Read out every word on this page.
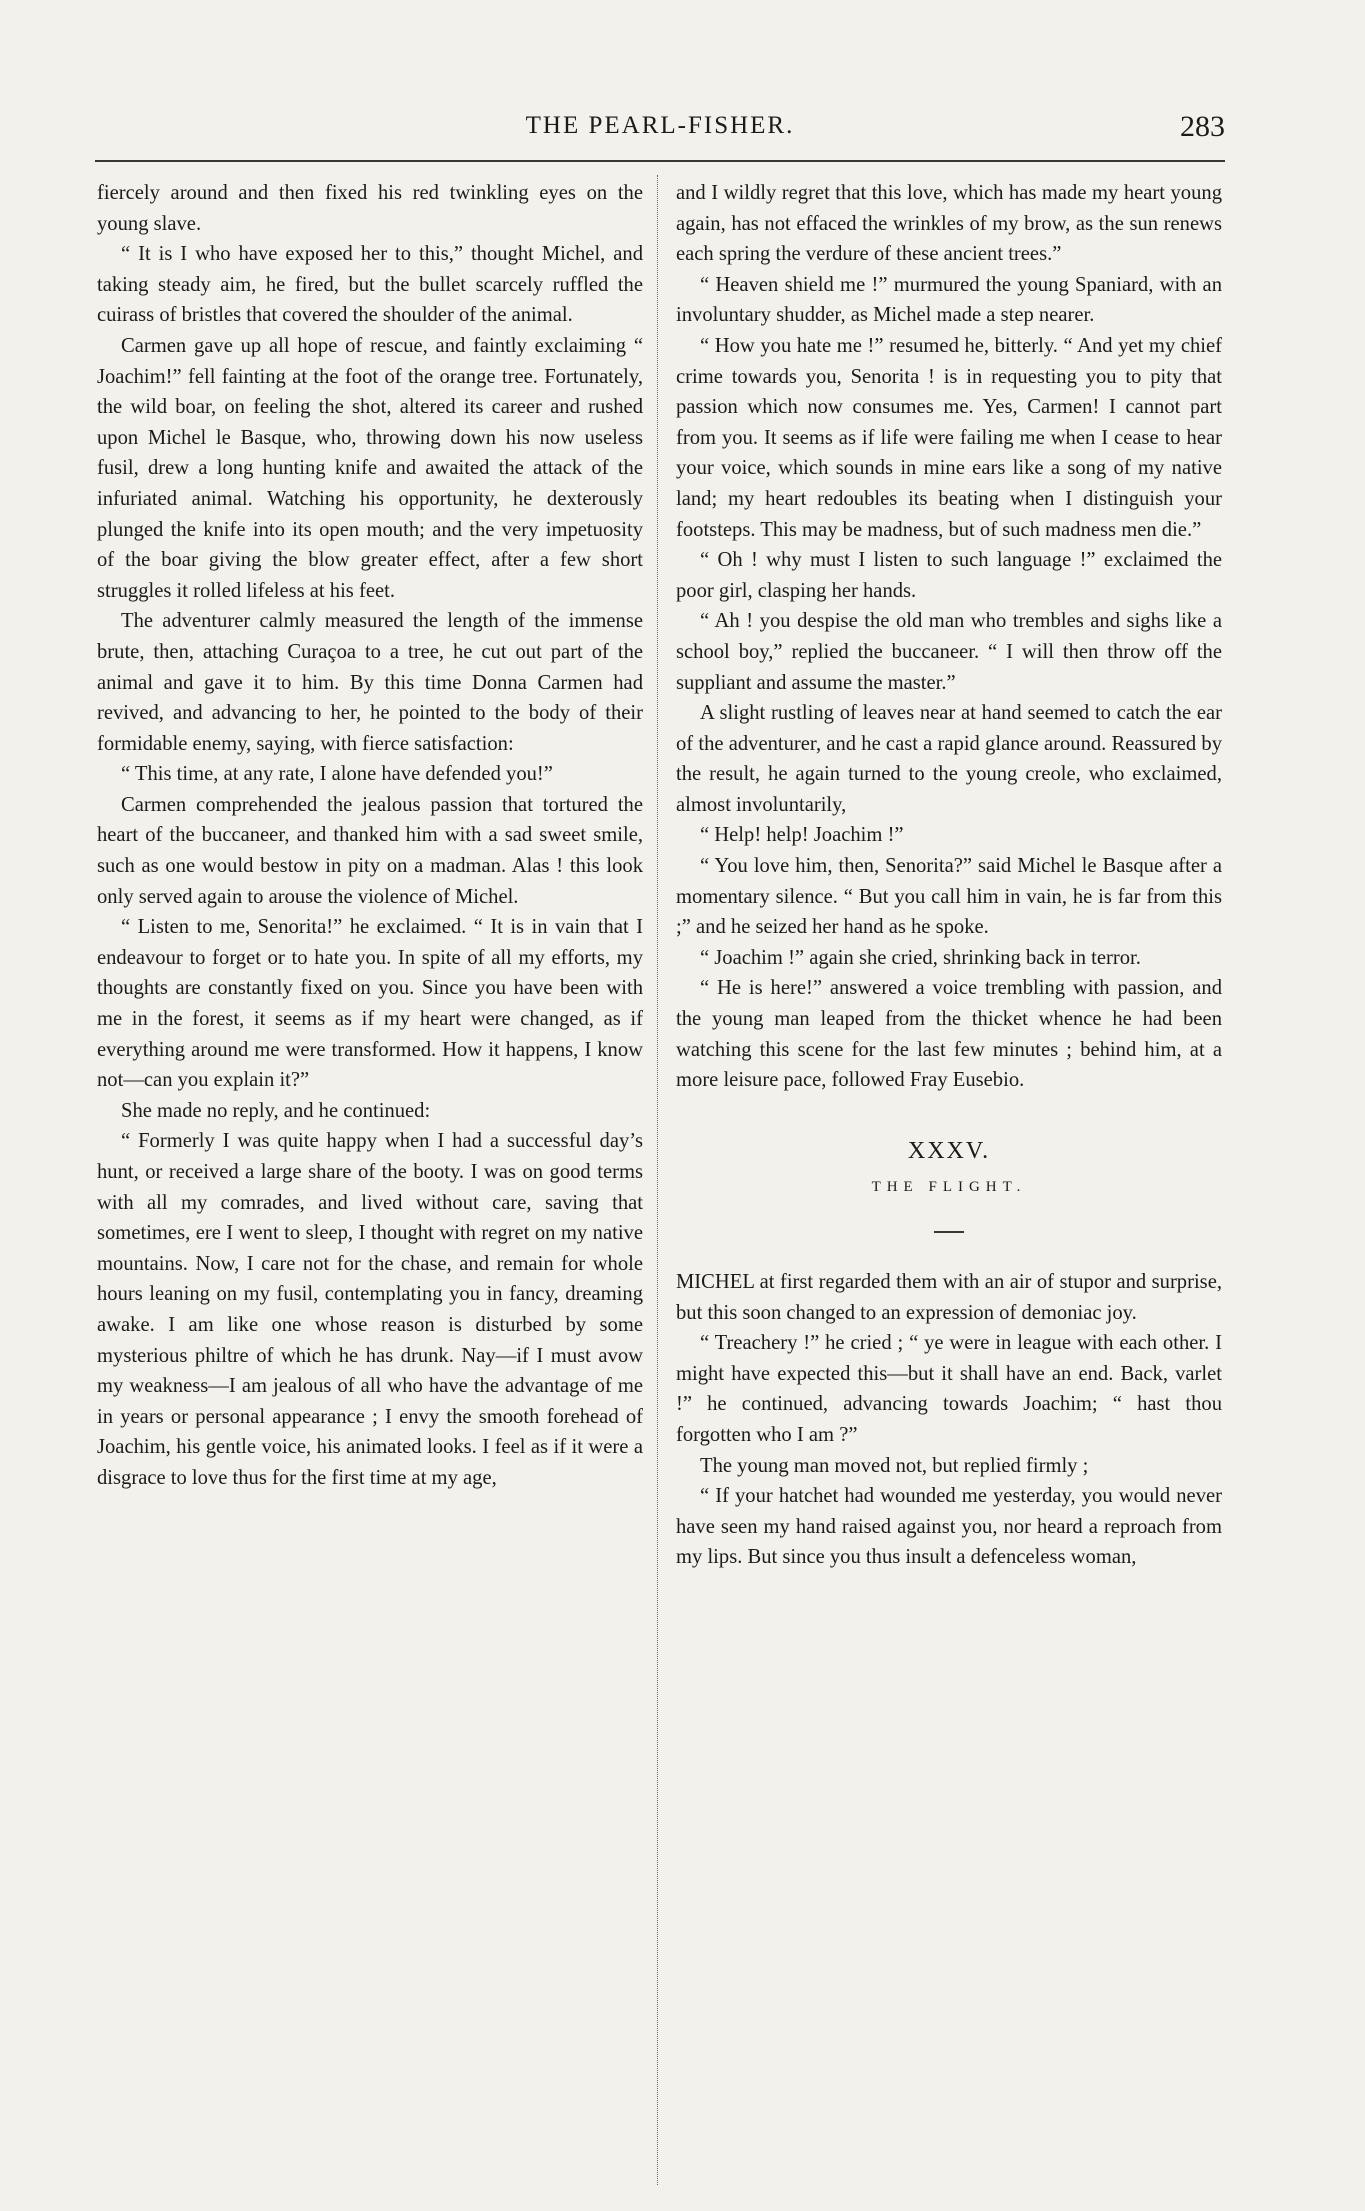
THE PEARL-FISHER.	283

fiercely around and then fixed his red twinkling eyes on the young slave.

“ It is I who have exposed her to this,” thought Michel, and taking steady aim, he fired, but the bullet scarcely ruffled the cuirass of bristles that covered the shoulder of the animal.

Carmen gave up all hope of rescue, and faintly exclaiming “ Joachim!” fell fainting at the foot of the orange tree. Fortunately, the wild boar, on feeling the shot, altered its career and rushed upon Michel le Basque, who, throwing down his now useless fusil, drew a long hunting knife and awaited the attack of the infuriated animal. Watching his opportunity, he dexterously plunged the knife into its open mouth; and the very impetuosity of the boar giving the blow greater effect, after a few short struggles it rolled lifeless at his feet.

The adventurer calmly measured the length of the immense brute, then, attaching Curaçoa to a tree, he cut out part of the animal and gave it to him. By this time Donna Carmen had revived, and advancing to her, he pointed to the body of their formidable enemy, saying, with fierce satisfaction:

“ This time, at any rate, I alone have defended you!”

Carmen comprehended the jealous passion that tortured the heart of the buccaneer, and thanked him with a sad sweet smile, such as one would bestow in pity on a madman. Alas ! this look only served again to arouse the violence of Michel.

“ Listen to me, Senorita!” he exclaimed. “ It is in vain that I endeavour to forget or to hate you. In spite of all my efforts, my thoughts are constantly fixed on you. Since you have been with me in the forest, it seems as if my heart were changed, as if everything around me were transformed. How it happens, I know not—can you explain it?”

She made no reply, and he continued:

“ Formerly I was quite happy when I had a successful day’s hunt, or received a large share of the booty. I was on good terms with all my comrades, and lived without care, saving that sometimes, ere I went to sleep, I thought with regret on my native mountains. Now, I care not for the chase, and remain for whole hours leaning on my fusil, contemplating you in fancy, dreaming awake. I am like one whose reason is disturbed by some mysterious philtre of which he has drunk. Nay—if I must avow my weakness—I am jealous of all who have the advantage of me in years or personal appearance ; I envy the smooth forehead of Joachim, his gentle voice, his animated looks. I feel as if it were a disgrace to love thus for the first time at my age,

and I wildly regret that this love, which has made my heart young again, has not effaced the wrinkles of my brow, as the sun renews each spring the verdure of these ancient trees.”

“ Heaven shield me !” murmured the young Spaniard, with an involuntary shudder, as Michel made a step nearer.

“ How you hate me !” resumed he, bitterly. “ And yet my chief crime towards you, Senorita ! is in requesting you to pity that passion which now consumes me. Yes, Carmen! I cannot part from you. It seems as if life were failing me when I cease to hear your voice, which sounds in mine ears like a song of my native land; my heart redoubles its beating when I distinguish your footsteps. This may be madness, but of such madness men die.”

“ Oh ! why must I listen to such language !” exclaimed the poor girl, clasping her hands.

“ Ah ! you despise the old man who trembles and sighs like a school boy,” replied the buccaneer. “ I will then throw off the suppliant and assume the master.”

A slight rustling of leaves near at hand seemed to catch the ear of the adventurer, and he cast a rapid glance around. Reassured by the result, he again turned to the young creole, who exclaimed, almost involuntarily,

“ Help! help! Joachim !”

“ You love him, then, Senorita?” said Michel le Basque after a momentary silence. “ But you call him in vain, he is far from this ;” and he seized her hand as he spoke.

“ Joachim !” again she cried, shrinking back in terror.

“ He is here!” answered a voice trembling with passion, and the young man leaped from the thicket whence he had been watching this scene for the last few minutes ; behind him, at a more leisure pace, followed Fray Eusebio.

XXXV.
THE FLIGHT.

MICHEL at first regarded them with an air of stupor and surprise, but this soon changed to an expression of demoniac joy.

“ Treachery !” he cried ; “ ye were in league with each other. I might have expected this—but it shall have an end. Back, varlet !” he continued, advancing towards Joachim; “ hast thou forgotten who I am ?”

The young man moved not, but replied firmly ;

“ If your hatchet had wounded me yesterday, you would never have seen my hand raised against you, nor heard a reproach from my lips. But since you thus insult a defenceless woman,
